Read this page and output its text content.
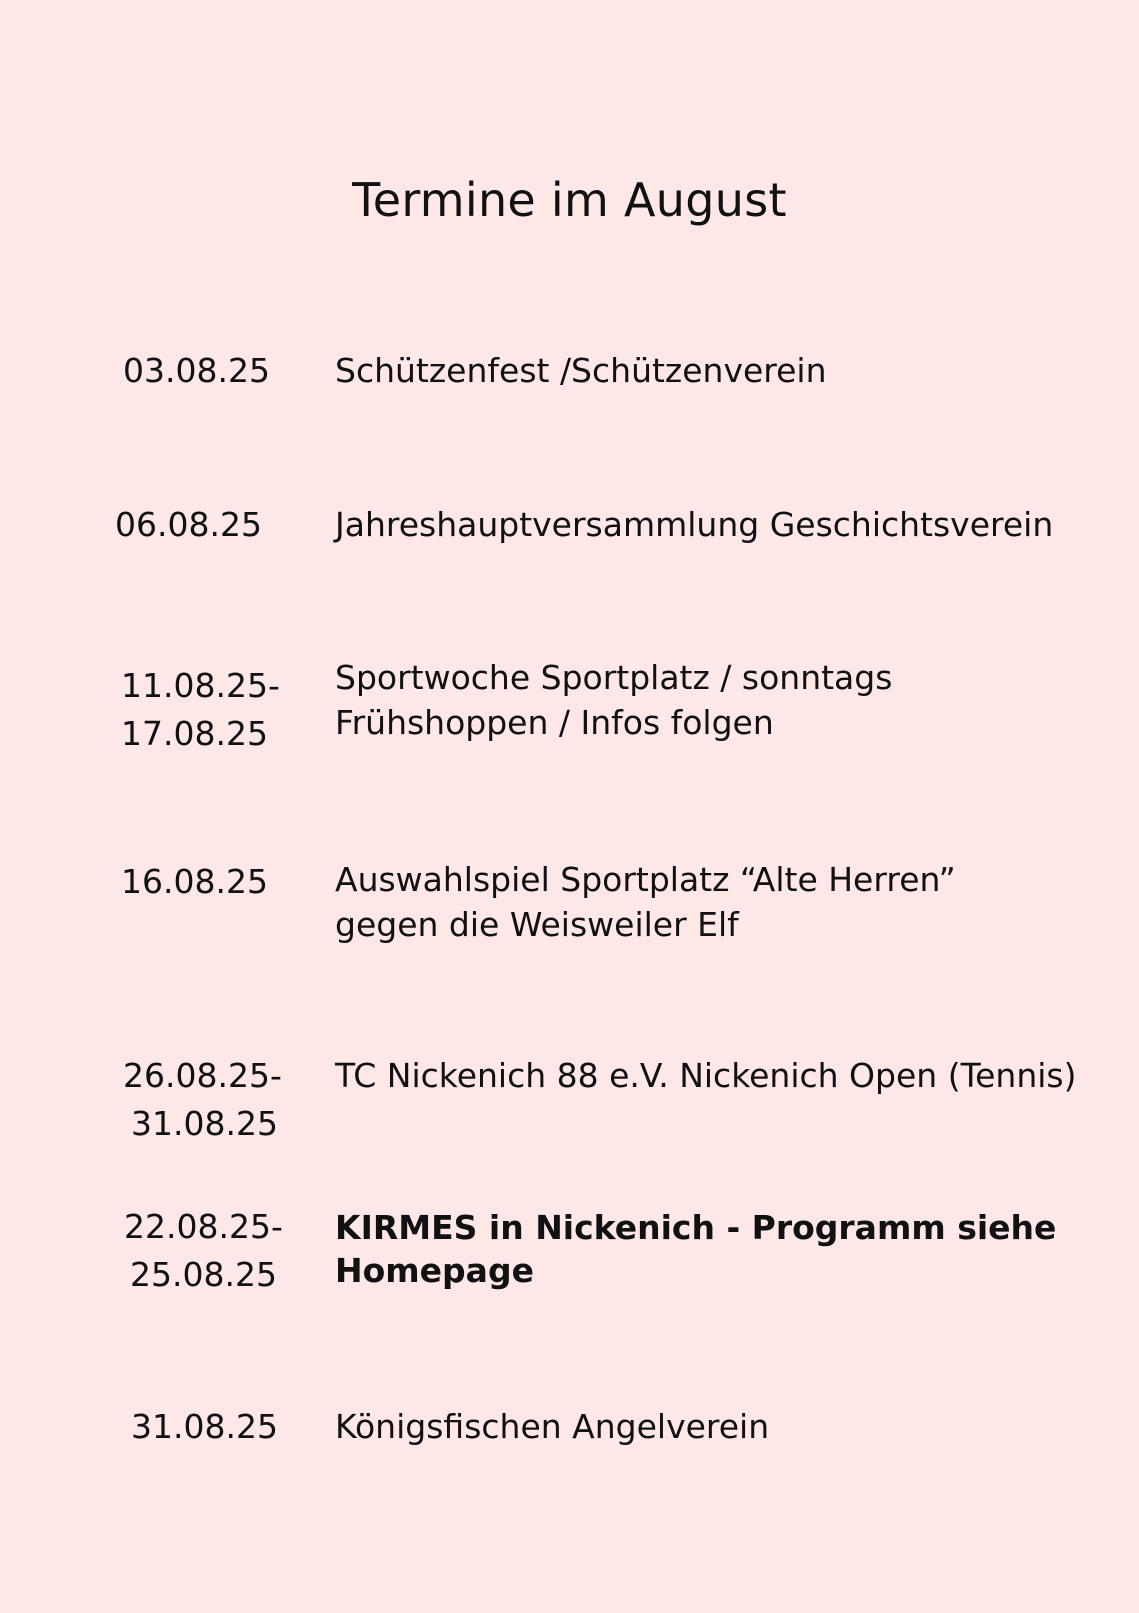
Termine im August
03.08.25 Schützenfest /Schützenverein
06.08.25 Jahreshauptversammlung Geschichtsverein
11.08.25-
17.08.25
Sportwoche Sportplatz / sonntags
Frühshoppen / Infos folgen
16.08.25 Auswahlspiel Sportplatz “Alte Herren”
gegen die Weisweiler Elf
26.08.25-
31.08.25
TC Nickenich 88 e.V. Nickenich Open (Tennis)
22.08.25-
25.08.25
KIRMES in Nickenich - Programm siehe
Homepage
31.08.25 Königsfischen Angelverein
